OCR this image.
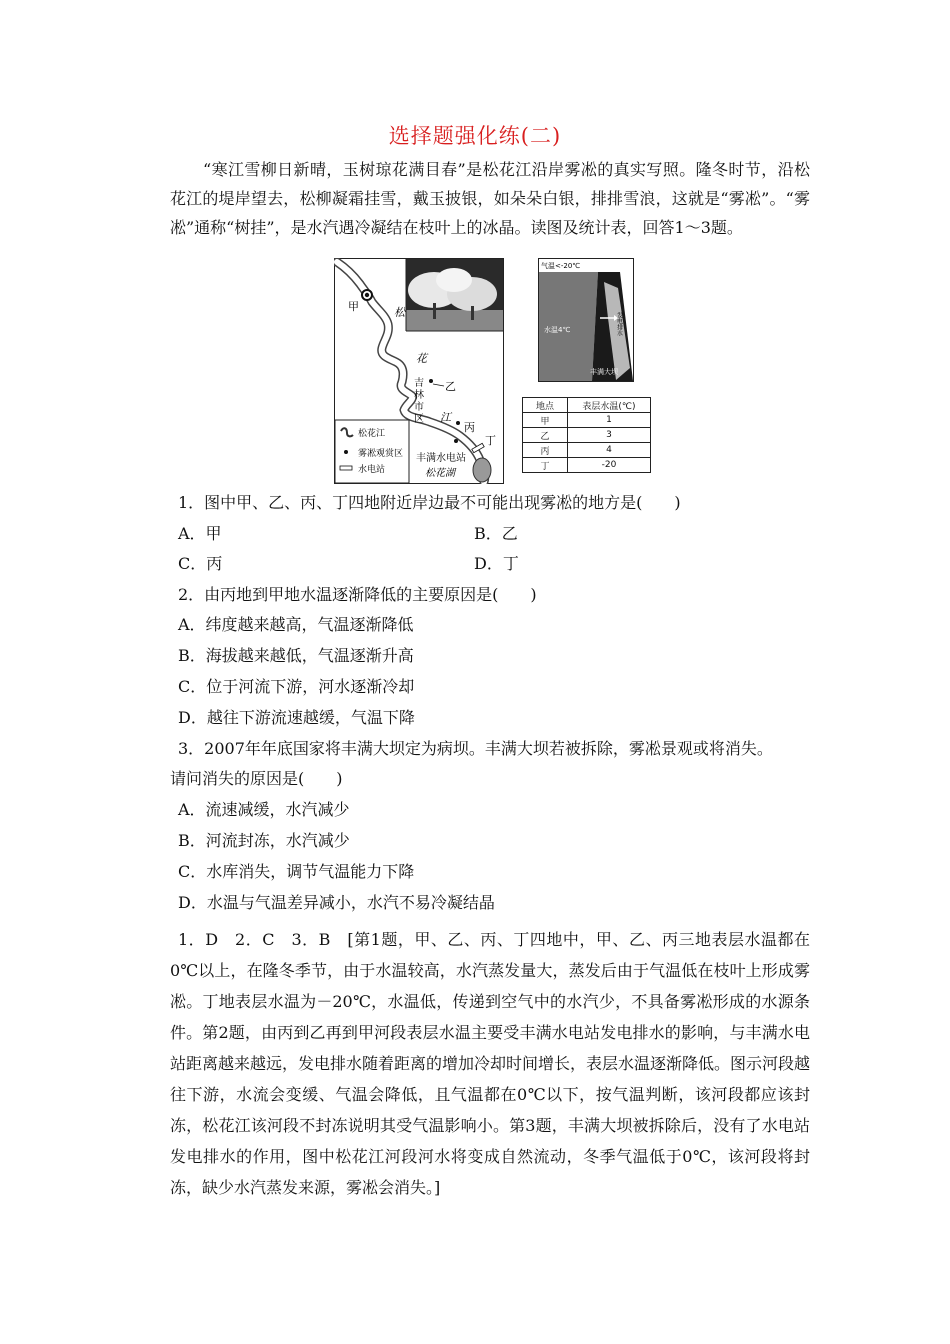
选择题强化练(二)
“寒江雪柳日新晴，玉树琼花满目春”是松花江沿岸雾凇的真实写照。隆冬时节，沿松花江的堤岸望去，松柳凝霜挂雪，戴玉披银，如朵朵白银，排排雪浪，这就是“雾凇”。“雾凇”通称“树挂”，是水汽遇冷凝结在枝叶上的冰晶。读图及统计表，回答1～3题。
甲	松
花
吉
林
市
区
乙
江
丙
丁
丰满水电站
松花湖
松花江
雾凇观赏区
水电站
气温<-20℃
水温4℃	发电排水
丰满大坝
地点	表层水温(℃)
甲	1
乙	3
丙	4
丁	-20
1．图中甲、乙、丙、丁四地附近岸边最不可能出现雾凇的地方是(　　)
A．甲	B．乙
C．丙	D．丁
2．由丙地到甲地水温逐渐降低的主要原因是(　　)
A．纬度越来越高，气温逐渐降低
B．海拔越来越低，气温逐渐升高
C．位于河流下游，河水逐渐冷却
D．越往下游流速越缓，气温下降
3．2007年年底国家将丰满大坝定为病坝。丰满大坝若被拆除，雾凇景观或将消失。
请问消失的原因是(　　)
A．流速减缓，水汽减少
B．河流封冻，水汽减少
C．水库消失，调节气温能力下降
D．水温与气温差异减小，水汽不易冷凝结晶
1．D　2．C　3．B　[第1题，甲、乙、丙、丁四地中，甲、乙、丙三地表层水温都在0℃以上，在隆冬季节，由于水温较高，水汽蒸发量大，蒸发后由于气温低在枝叶上形成雾凇。丁地表层水温为－20℃，水温低，传递到空气中的水汽少，不具备雾凇形成的水源条件。第2题，由丙到乙再到甲河段表层水温主要受丰满水电站发电排水的影响，与丰满水电站距离越来越远，发电排水随着距离的增加冷却时间增长，表层水温逐渐降低。图示河段越往下游，水流会变缓、气温会降低，且气温都在0℃以下，按气温判断，该河段都应该封冻，松花江该河段不封冻说明其受气温影响小。第3题，丰满大坝被拆除后，没有了水电站发电排水的作用，图中松花江河段河水将变成自然流动，冬季气温低于0℃，该河段将封冻，缺少水汽蒸发来源，雾凇会消失。]
